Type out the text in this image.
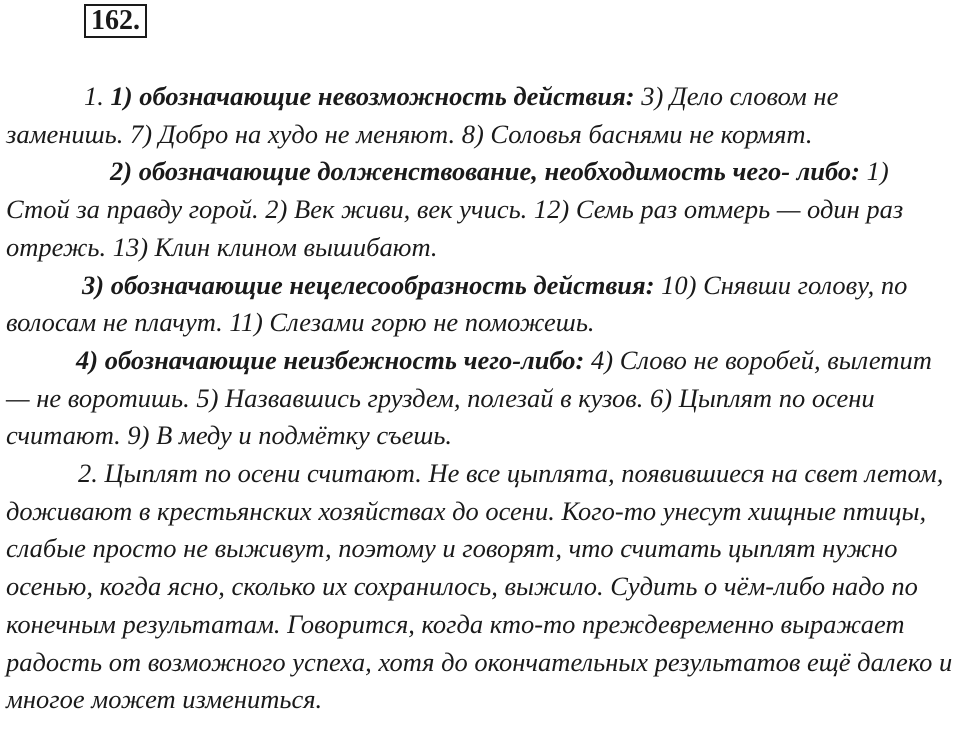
162.

1. 1) обозначающие невозможность действия: 3) Дело словом не заменишь. 7) Добро на худо не меняют. 8) Соловья баснями не кормят.

2) обозначающие долженствование, необходимость чего- либо: 1) Стой за правду горой. 2) Век живи, век учись. 12) Семь раз отмерь — один раз отрежь. 13) Клин клином вышибают.

3) обозначающие нецелесообразность действия: 10) Снявши голову, по волосам не плачут. 11) Слезами горю не поможешь.

4) обозначающие неизбежность чего-либо: 4) Слово не воробей, вылетит — не воротишь. 5) Назвавшись груздем, полезай в кузов. 6) Цыплят по осени считают. 9) В меду и подмётку съешь.

2. Цыплят по осени считают. Не все цыплята, появившиеся на свет летом, доживают в крестьянских хозяйствах до осени. Кого-то унесут хищные птицы, слабые просто не выживут, поэтому и говорят, что считать цыплят нужно осенью, когда ясно, сколько их сохранилось, выжило. Судить о чём-либо надо по конечным результатам. Говорится, когда кто-то преждевременно выражает радость от возможного успеха, хотя до окончательных результатов ещё далеко и многое может измениться.
